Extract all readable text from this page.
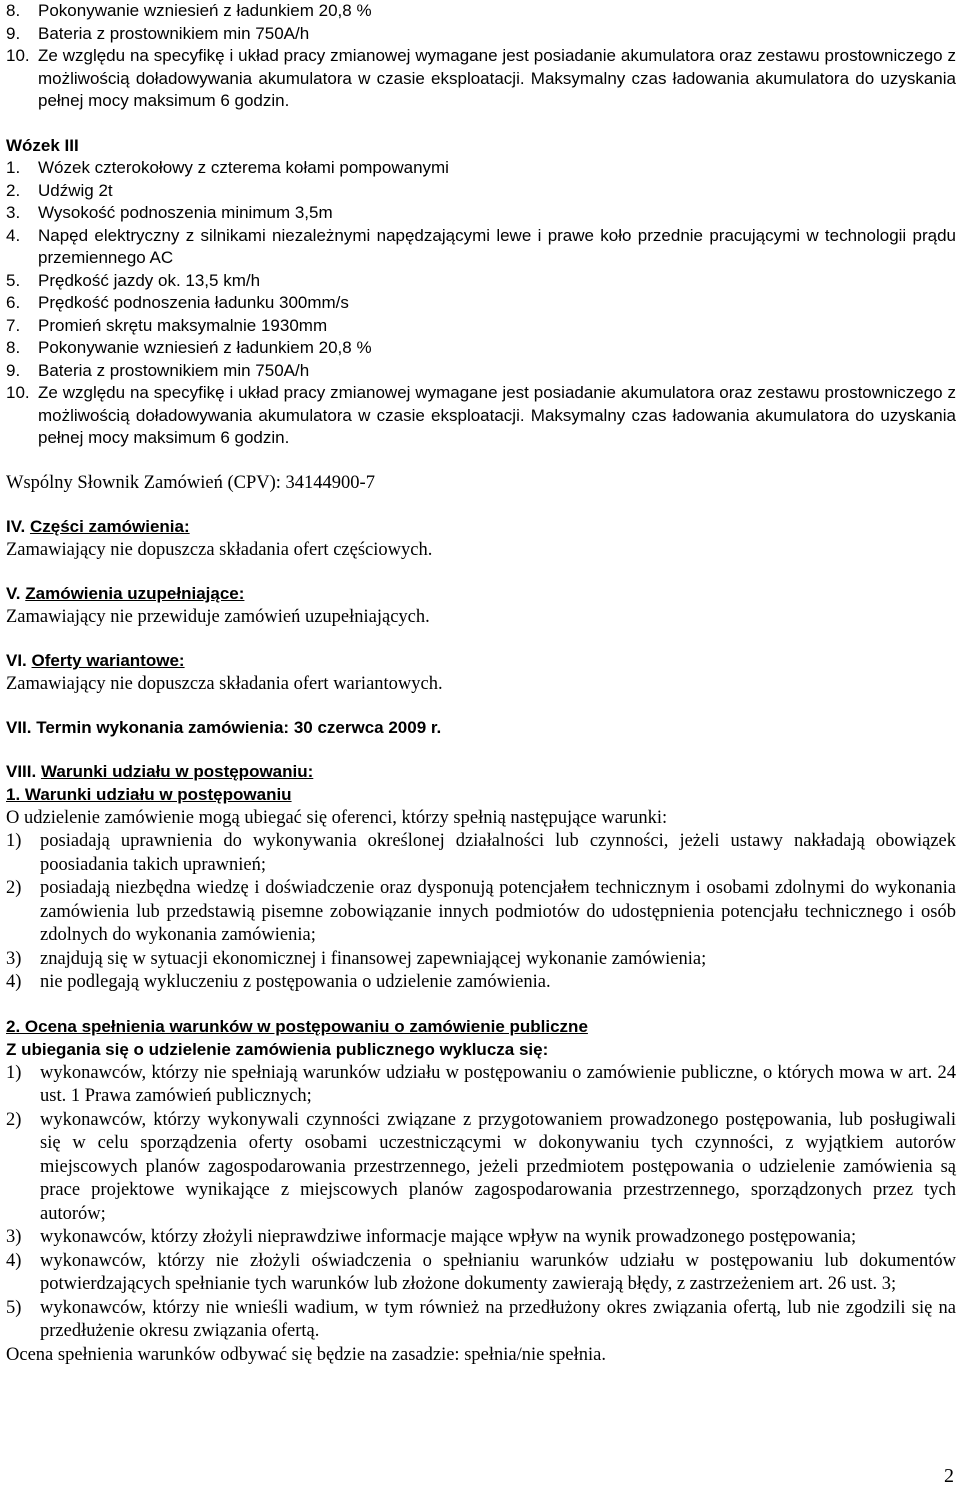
8.	Pokonywanie wzniesień z ładunkiem 20,8 %
9.	Bateria z prostownikiem min 750A/h
10. Ze względu na specyfikę i układ pracy zmianowej wymagane jest posiadanie akumulatora oraz zestawu prostowniczego z możliwością doładowywania akumulatora w czasie eksploatacji. Maksymalny czas ładowania akumulatora do uzyskania pełnej mocy maksimum 6 godzin.
Wózek III
1.	Wózek czterokołowy z czterema kołami pompowanymi
2.	Udźwig 2t
3.	Wysokość podnoszenia minimum 3,5m
4.	Napęd elektryczny z silnikami niezależnymi napędzającymi lewe i prawe koło przednie pracującymi w technologii prądu przemiennego AC
5.	Prędkość jazdy ok. 13,5 km/h
6.	Prędkość podnoszenia ładunku 300mm/s
7.	Promień skrętu maksymalnie 1930mm
8.	Pokonywanie wzniesień z ładunkiem 20,8 %
9.	Bateria z prostownikiem min 750A/h
10. Ze względu na specyfikę i układ pracy zmianowej wymagane jest posiadanie akumulatora oraz zestawu prostowniczego z możliwością doładowywania akumulatora w czasie eksploatacji. Maksymalny czas ładowania akumulatora do uzyskania pełnej mocy maksimum 6 godzin.
Wspólny Słownik Zamówień (CPV): 34144900-7
IV. Części zamówienia:
Zamawiający nie dopuszcza składania ofert częściowych.
V. Zamówienia uzupełniające:
Zamawiający nie przewiduje zamówień uzupełniających.
VI. Oferty wariantowe:
Zamawiający nie dopuszcza składania ofert wariantowych.
VII. Termin wykonania zamówienia: 30 czerwca 2009 r.
VIII. Warunki udziału w postępowaniu:
1. Warunki udziału w postępowaniu
O udzielenie zamówienie mogą ubiegać się oferenci, którzy spełnią następujące warunki:
1)	posiadają uprawnienia do wykonywania określonej działalności lub czynności, jeżeli ustawy nakładają obowiązek poosiadania takich uprawnień;
2)	posiadają niezbędna wiedzę i doświadczenie oraz dysponują potencjałem technicznym i osobami zdolnymi do wykonania zamówienia lub przedstawią pisemne zobowiązanie innych podmiotów do udostępnienia potencjału technicznego i osób zdolnych do wykonania zamówienia;
3)	znajdują się w sytuacji ekonomicznej i finansowej zapewniającej wykonanie zamówienia;
4)	nie podlegają wykluczeniu z postępowania o udzielenie zamówienia.
2. Ocena spełnienia warunków w postępowaniu o zamówienie publiczne
Z ubiegania się o udzielenie zamówienia publicznego wyklucza się:
1)	wykonawców, którzy nie spełniają warunków udziału w postępowaniu o zamówienie publiczne, o których mowa w art. 24 ust. 1 Prawa zamówień publicznych;
2)	wykonawców, którzy wykonywali czynności związane z przygotowaniem prowadzonego postępowania, lub posługiwali się w celu sporządzenia oferty osobami uczestniczącymi w dokonywaniu tych czynności, z wyjątkiem autorów miejscowych planów zagospodarowania przestrzennego, jeżeli przedmiotem postępowania o udzielenie zamówienia są prace projektowe wynikające z miejscowych planów zagospodarowania przestrzennego, sporządzonych przez tych autorów;
3)	wykonawców, którzy złożyli nieprawdziwe informacje mające wpływ na wynik prowadzonego postępowania;
4)	wykonawców, którzy nie złożyli oświadczenia o spełnianiu warunków udziału w postępowaniu lub dokumentów potwierdzających spełnianie tych warunków lub złożone dokumenty zawierają błędy, z zastrzeżeniem art. 26 ust. 3;
5)	wykonawców, którzy nie wnieśli wadium, w tym również na przedłużony okres związania ofertą, lub nie zgodzili się na przedłużenie okresu związania ofertą.
Ocena spełnienia warunków odbywać się będzie na zasadzie: spełnia/nie spełnia.
2
